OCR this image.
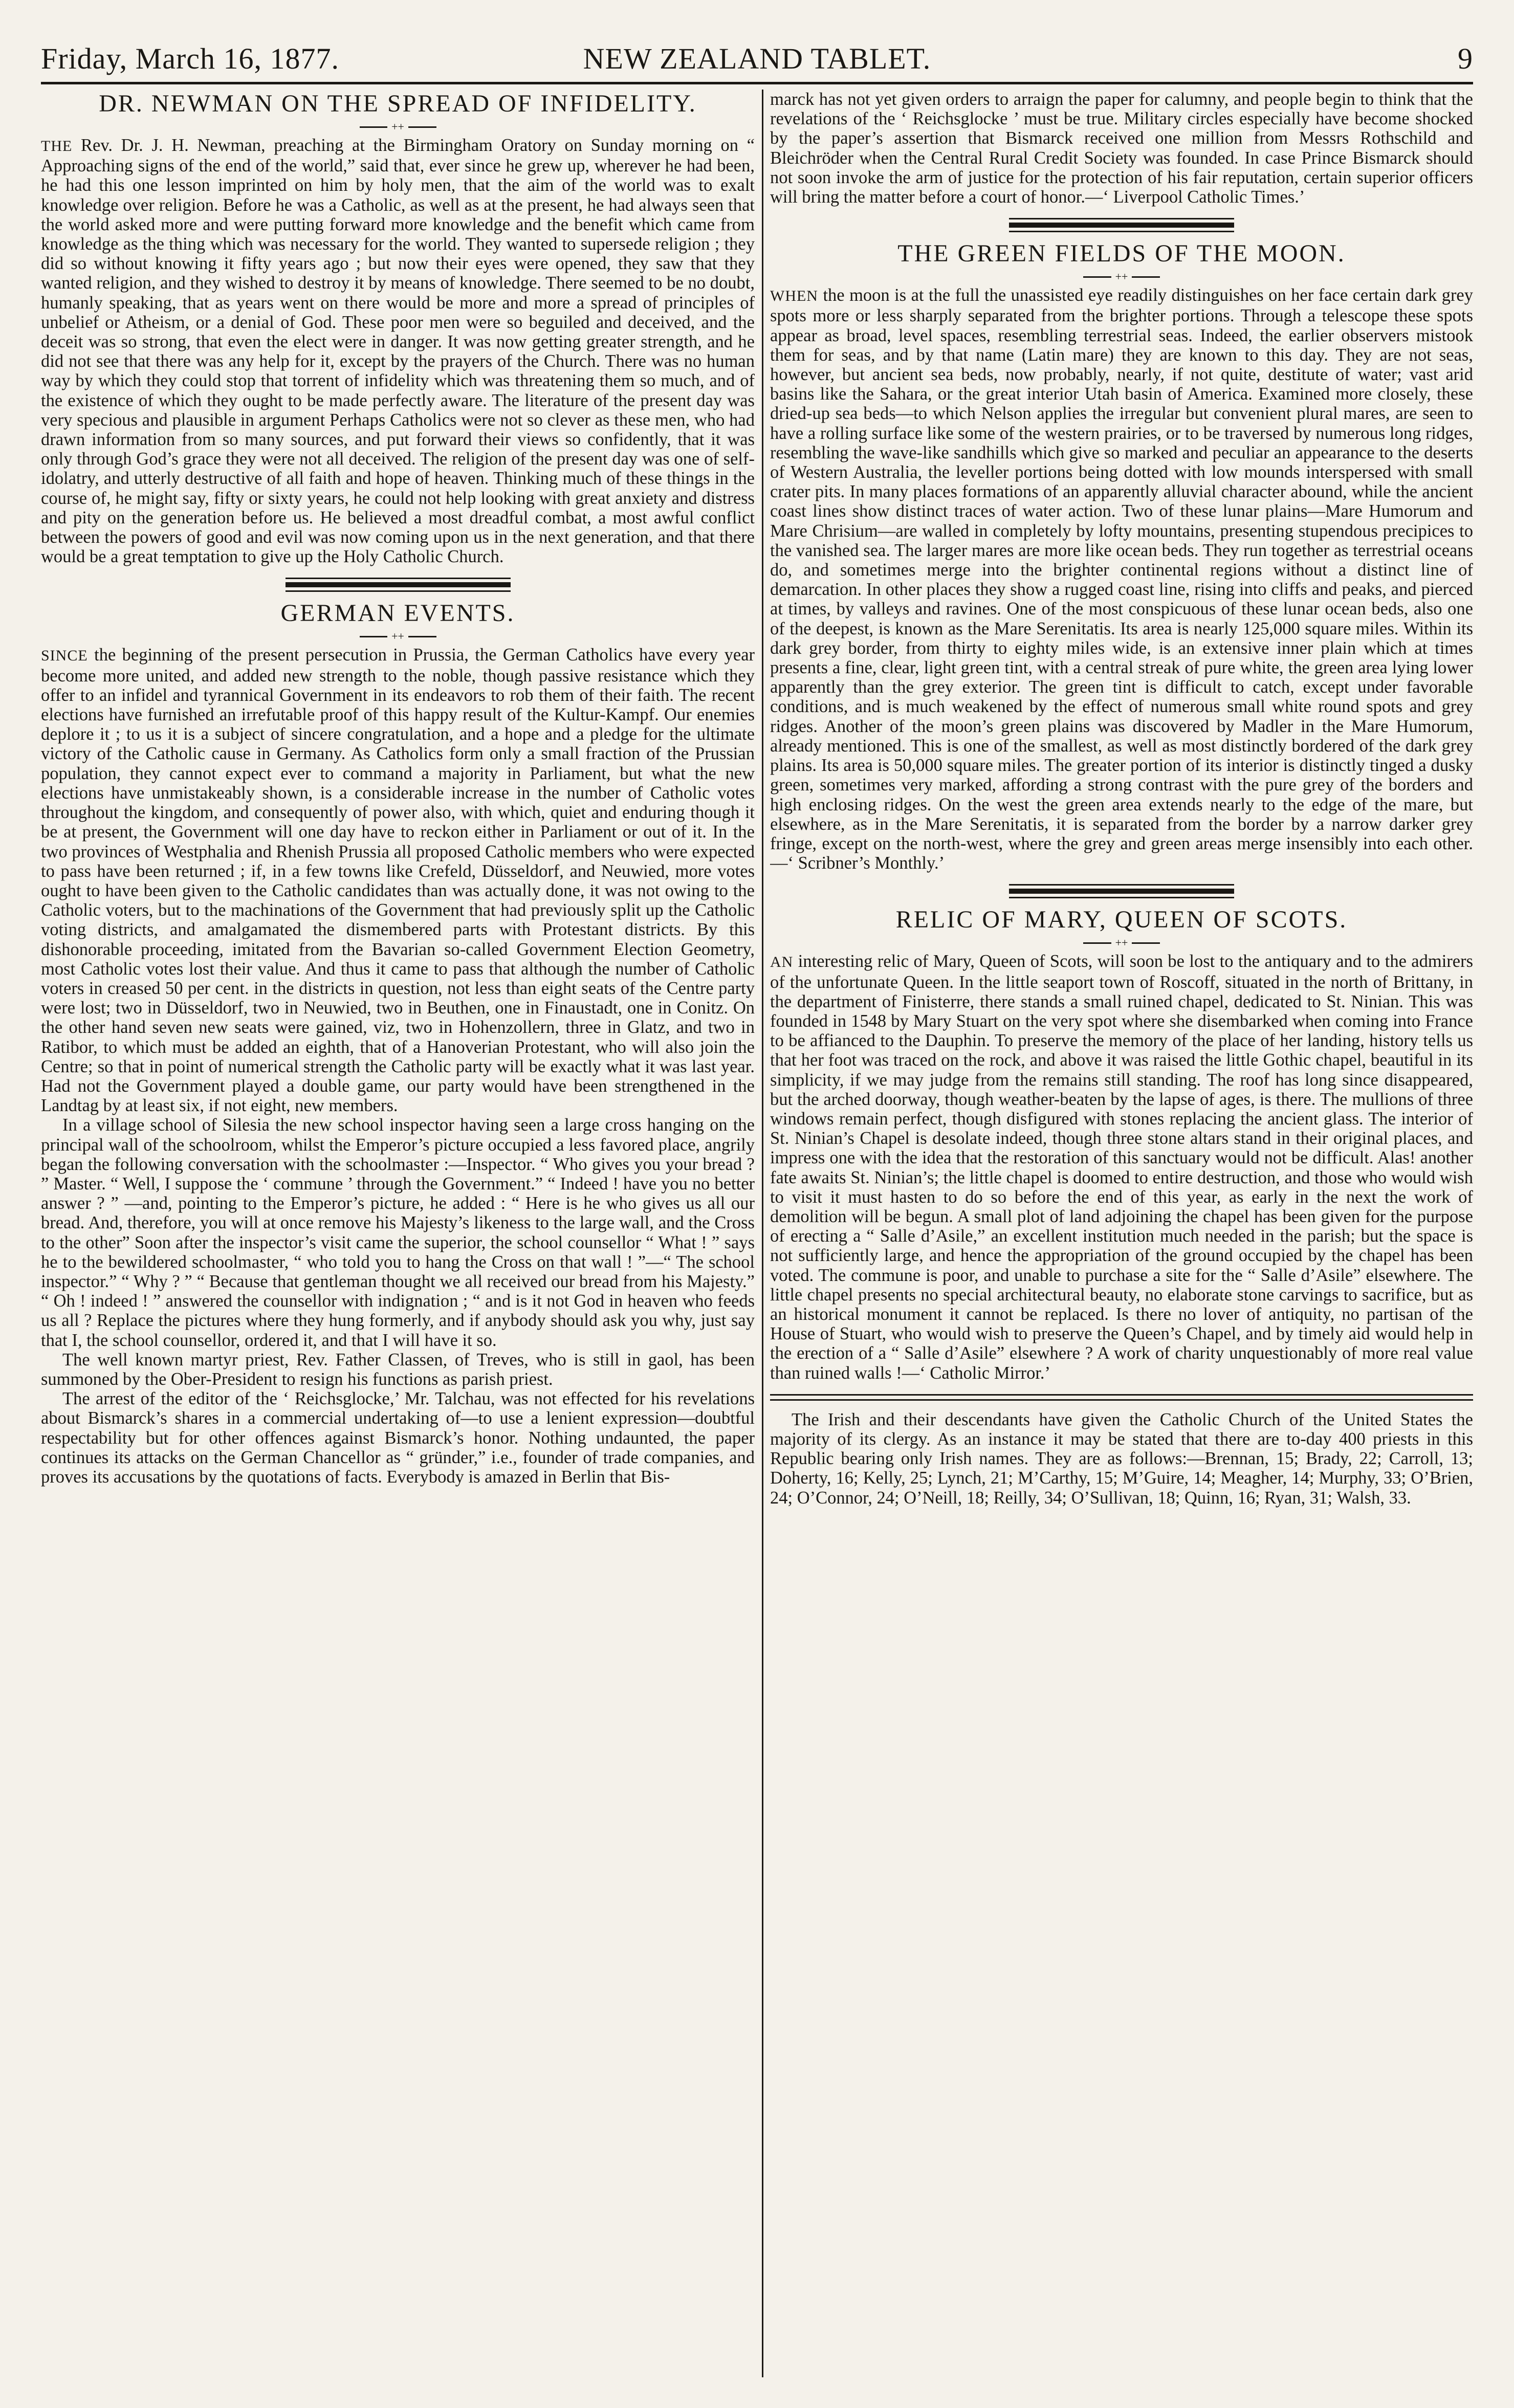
Friday, March 16, 1877.	NEW ZEALAND TABLET.	9
DR. NEWMAN ON THE SPREAD OF INFIDELITY.
++

THE Rev. Dr. J. H. Newman, preaching at the Birmingham Oratory on Sunday morning on “ Approaching signs of the end of the world,” said that, ever since he grew up, wherever he had been, he had this one lesson imprinted on him by holy men, that the aim of the world was to exalt knowledge over religion. Before he was a Catholic, as well as at the present, he had always seen that the world asked more and were putting forward more knowledge and the benefit which came from knowledge as the thing which was necessary for the world. They wanted to supersede religion ; they did so without knowing it fifty years ago ; but now their eyes were opened, they saw that they wanted religion, and they wished to destroy it by means of knowledge. There seemed to be no doubt, humanly speaking, that as years went on there would be more and more a spread of principles of unbelief or Atheism, or a denial of God. These poor men were so beguiled and deceived, and the deceit was so strong, that even the elect were in danger. It was now getting greater strength, and he did not see that there was any help for it, except by the prayers of the Church. There was no human way by which they could stop that torrent of infidelity which was threatening them so much, and of the existence of which they ought to be made perfectly aware. The literature of the present day was very specious and plausible in argument Perhaps Catholics were not so clever as these men, who had drawn information from so many sources, and put forward their views so confidently, that it was only through God’s grace they were not all deceived. The religion of the present day was one of self-idolatry, and utterly destructive of all faith and hope of heaven. Thinking much of these things in the course of, he might say, fifty or sixty years, he could not help looking with great anxiety and distress and pity on the generation before us. He believed a most dreadful combat, a most awful conflict between the powers of good and evil was now coming upon us in the next generation, and that there would be a great temptation to give up the Holy Catholic Church.

GERMAN EVENTS.
++

SINCE the beginning of the present persecution in Prussia, the German Catholics have every year become more united, and added new strength to the noble, though passive resistance which they offer to an infidel and tyrannical Government in its endeavors to rob them of their faith. The recent elections have furnished an irrefutable proof of this happy result of the Kultur-Kampf. Our enemies deplore it ; to us it is a subject of sincere congratulation, and a hope and a pledge for the ultimate victory of the Catholic cause in Germany. As Catholics form only a small fraction of the Prussian population, they cannot expect ever to command a majority in Parliament, but what the new elections have unmistakeably shown, is a considerable increase in the number of Catholic votes throughout the kingdom, and consequently of power also, with which, quiet and enduring though it be at present, the Government will one day have to reckon either in Parliament or out of it. In the two provinces of Westphalia and Rhenish Prussia all proposed Catholic members who were expected to pass have been returned ; if, in a few towns like Crefeld, Düsseldorf, and Neuwied, more votes ought to have been given to the Catholic candidates than was actually done, it was not owing to the Catholic voters, but to the machinations of the Government that had previously split up the Catholic voting districts, and amalgamated the dismembered parts with Protestant districts. By this dishonorable proceeding, imitated from the Bavarian so-called Government Election Geometry, most Catholic votes lost their value. And thus it came to pass that although the number of Catholic voters in creased 50 per cent. in the districts in question, not less than eight seats of the Centre party were lost; two in Düsseldorf, two in Neuwied, two in Beuthen, one in Finaustadt, one in Conitz. On the other hand seven new seats were gained, viz, two in Hohenzollern, three in Glatz, and two in Ratibor, to which must be added an eighth, that of a Hanoverian Protestant, who will also join the Centre; so that in point of numerical strength the Catholic party will be exactly what it was last year. Had not the Government played a double game, our party would have been strengthened in the Landtag by at least six, if not eight, new members.

In a village school of Silesia the new school inspector having seen a large cross hanging on the principal wall of the schoolroom, whilst the Emperor’s picture occupied a less favored place, angrily began the following conversation with the schoolmaster :—Inspector. “ Who gives you your bread ? ” Master. “ Well, I suppose the ‘ commune ’ through the Government.” “ Indeed ! have you no better answer ? ” —and, pointing to the Emperor’s picture, he added : “ Here is he who gives us all our bread. And, therefore, you will at once remove his Majesty’s likeness to the large wall, and the Cross to the other” Soon after the inspector’s visit came the superior, the school counsellor “ What ! ” says he to the bewildered schoolmaster, “ who told you to hang the Cross on that wall ! ”—“ The school inspector.” “ Why ? ” “ Because that gentleman thought we all received our bread from his Majesty.” “ Oh ! indeed ! ” answered the counsellor with indignation ; “ and is it not God in heaven who feeds us all ? Replace the pictures where they hung formerly, and if anybody should ask you why, just say that I, the school counsellor, ordered it, and that I will have it so.

The well known martyr priest, Rev. Father Classen, of Treves, who is still in gaol, has been summoned by the Ober-President to resign his functions as parish priest.

The arrest of the editor of the ‘ Reichsglocke,’ Mr. Talchau, was not effected for his revelations about Bismarck’s shares in a commercial undertaking of—to use a lenient expression—doubtful respectability but for other offences against Bismarck’s honor. Nothing undaunted, the paper continues its attacks on the German Chancellor as “ gründer,” i.e., founder of trade companies, and proves its accusations by the quotations of facts. Everybody is amazed in Berlin that Bis-

marck has not yet given orders to arraign the paper for calumny, and people begin to think that the revelations of the ‘ Reichsglocke ’ must be true. Military circles especially have become shocked by the paper’s assertion that Bismarck received one million from Messrs Rothschild and Bleichröder when the Central Rural Credit Society was founded. In case Prince Bismarck should not soon invoke the arm of justice for the protection of his fair reputation, certain superior officers will bring the matter before a court of honor.—‘ Liverpool Catholic Times.’

THE GREEN FIELDS OF THE MOON.
++

WHEN the moon is at the full the unassisted eye readily distinguishes on her face certain dark grey spots more or less sharply separated from the brighter portions. Through a telescope these spots appear as broad, level spaces, resembling terrestrial seas. Indeed, the earlier observers mistook them for seas, and by that name (Latin mare) they are known to this day. They are not seas, however, but ancient sea beds, now probably, nearly, if not quite, destitute of water; vast arid basins like the Sahara, or the great interior Utah basin of America. Examined more closely, these dried-up sea beds—to which Nelson applies the irregular but convenient plural mares, are seen to have a rolling surface like some of the western prairies, or to be traversed by numerous long ridges, resembling the wave-like sandhills which give so marked and peculiar an appearance to the deserts of Western Australia, the leveller portions being dotted with low mounds interspersed with small crater pits. In many places formations of an apparently alluvial character abound, while the ancient coast lines show distinct traces of water action. Two of these lunar plains—Mare Humorum and Mare Chrisium—are walled in completely by lofty mountains, presenting stupendous precipices to the vanished sea. The larger mares are more like ocean beds. They run together as terrestrial oceans do, and sometimes merge into the brighter continental regions without a distinct line of demarcation. In other places they show a rugged coast line, rising into cliffs and peaks, and pierced at times, by valleys and ravines. One of the most conspicuous of these lunar ocean beds, also one of the deepest, is known as the Mare Serenitatis. Its area is nearly 125,000 square miles. Within its dark grey border, from thirty to eighty miles wide, is an extensive inner plain which at times presents a fine, clear, light green tint, with a central streak of pure white, the green area lying lower apparently than the grey exterior. The green tint is difficult to catch, except under favorable conditions, and is much weakened by the effect of numerous small white round spots and grey ridges. Another of the moon’s green plains was discovered by Madler in the Mare Humorum, already mentioned. This is one of the smallest, as well as most distinctly bordered of the dark grey plains. Its area is 50,000 square miles. The greater portion of its interior is distinctly tinged a dusky green, sometimes very marked, affording a strong contrast with the pure grey of the borders and high enclosing ridges. On the west the green area extends nearly to the edge of the mare, but elsewhere, as in the Mare Serenitatis, it is separated from the border by a narrow darker grey fringe, except on the north-west, where the grey and green areas merge insensibly into each other.—‘ Scribner’s Monthly.’

RELIC OF MARY, QUEEN OF SCOTS.
++

AN interesting relic of Mary, Queen of Scots, will soon be lost to the antiquary and to the admirers of the unfortunate Queen. In the little seaport town of Roscoff, situated in the north of Brittany, in the department of Finisterre, there stands a small ruined chapel, dedicated to St. Ninian. This was founded in 1548 by Mary Stuart on the very spot where she disembarked when coming into France to be affianced to the Dauphin. To preserve the memory of the place of her landing, history tells us that her foot was traced on the rock, and above it was raised the little Gothic chapel, beautiful in its simplicity, if we may judge from the remains still standing. The roof has long since disappeared, but the arched doorway, though weather-beaten by the lapse of ages, is there. The mullions of three windows remain perfect, though disfigured with stones replacing the ancient glass. The interior of St. Ninian’s Chapel is desolate indeed, though three stone altars stand in their original places, and impress one with the idea that the restoration of this sanctuary would not be difficult. Alas! another fate awaits St. Ninian’s; the little chapel is doomed to entire destruction, and those who would wish to visit it must hasten to do so before the end of this year, as early in the next the work of demolition will be begun. A small plot of land adjoining the chapel has been given for the purpose of erecting a “ Salle d’Asile,” an excellent institution much needed in the parish; but the space is not sufficiently large, and hence the appropriation of the ground occupied by the chapel has been voted. The commune is poor, and unable to purchase a site for the “ Salle d’Asile” elsewhere. The little chapel presents no special architectural beauty, no elaborate stone carvings to sacrifice, but as an historical monument it cannot be replaced. Is there no lover of antiquity, no partisan of the House of Stuart, who would wish to preserve the Queen’s Chapel, and by timely aid would help in the erection of a “ Salle d’Asile” elsewhere ? A work of charity unquestionably of more real value than ruined walls !—‘ Catholic Mirror.’

The Irish and their descendants have given the Catholic Church of the United States the majority of its clergy. As an instance it may be stated that there are to-day 400 priests in this Republic bearing only Irish names. They are as follows:—Brennan, 15; Brady, 22; Carroll, 13; Doherty, 16; Kelly, 25; Lynch, 21; M’Carthy, 15; M’Guire, 14; Meagher, 14; Murphy, 33; O’Brien, 24; O’Connor, 24; O’Neill, 18; Reilly, 34; O’Sullivan, 18; Quinn, 16; Ryan, 31; Walsh, 33.
